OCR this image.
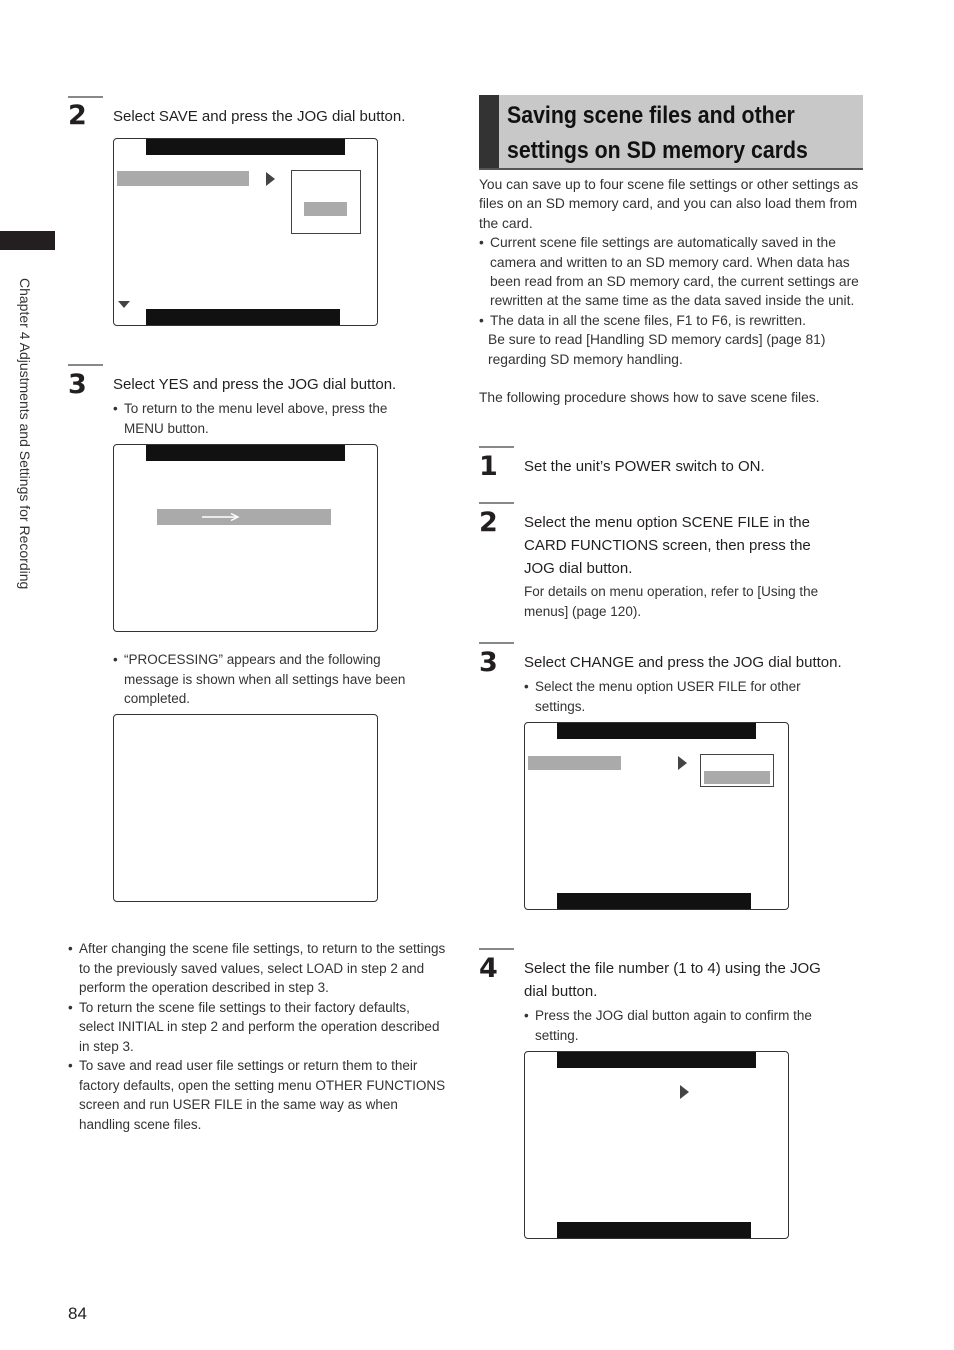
Chapter 4 Adjustments and Settings for Recording
2 Select SAVE and press the JOG dial button.
3 Select YES and press the JOG dial button.
• To return to the menu level above, press the MENU button.
• “PROCESSING” appears and the following message is shown when all settings have been completed.
• After changing the scene file settings, to return to the settings to the previously saved values, select LOAD in step 2 and perform the operation described in step 3.
• To return the scene file settings to their factory defaults, select INITIAL in step 2 and perform the operation described in step 3.
• To save and read user file settings or return them to their factory defaults, open the setting menu OTHER FUNCTIONS screen and run USER FILE in the same way as when handling scene files.
84
Saving scene files and other
settings on SD memory cards
You can save up to four scene file settings or other settings as files on an SD memory card, and you can also load them from the card.
• Current scene file settings are automatically saved in the camera and written to an SD memory card. When data has been read from an SD memory card, the current settings are rewritten at the same time as the data saved inside the unit.
• The data in all the scene files, F1 to F6, is rewritten.
Be sure to read [Handling SD memory cards] (page 81) regarding SD memory handling.
The following procedure shows how to save scene files.
1 Set the unit’s POWER switch to ON.
2 Select the menu option SCENE FILE in the
CARD FUNCTIONS screen, then press the
JOG dial button.
For details on menu operation, refer to [Using the menus] (page 120).
3 Select CHANGE and press the JOG dial button.
• Select the menu option USER FILE for other settings.
4 Select the file number (1 to 4) using the JOG
dial button.
• Press the JOG dial button again to confirm the setting.
